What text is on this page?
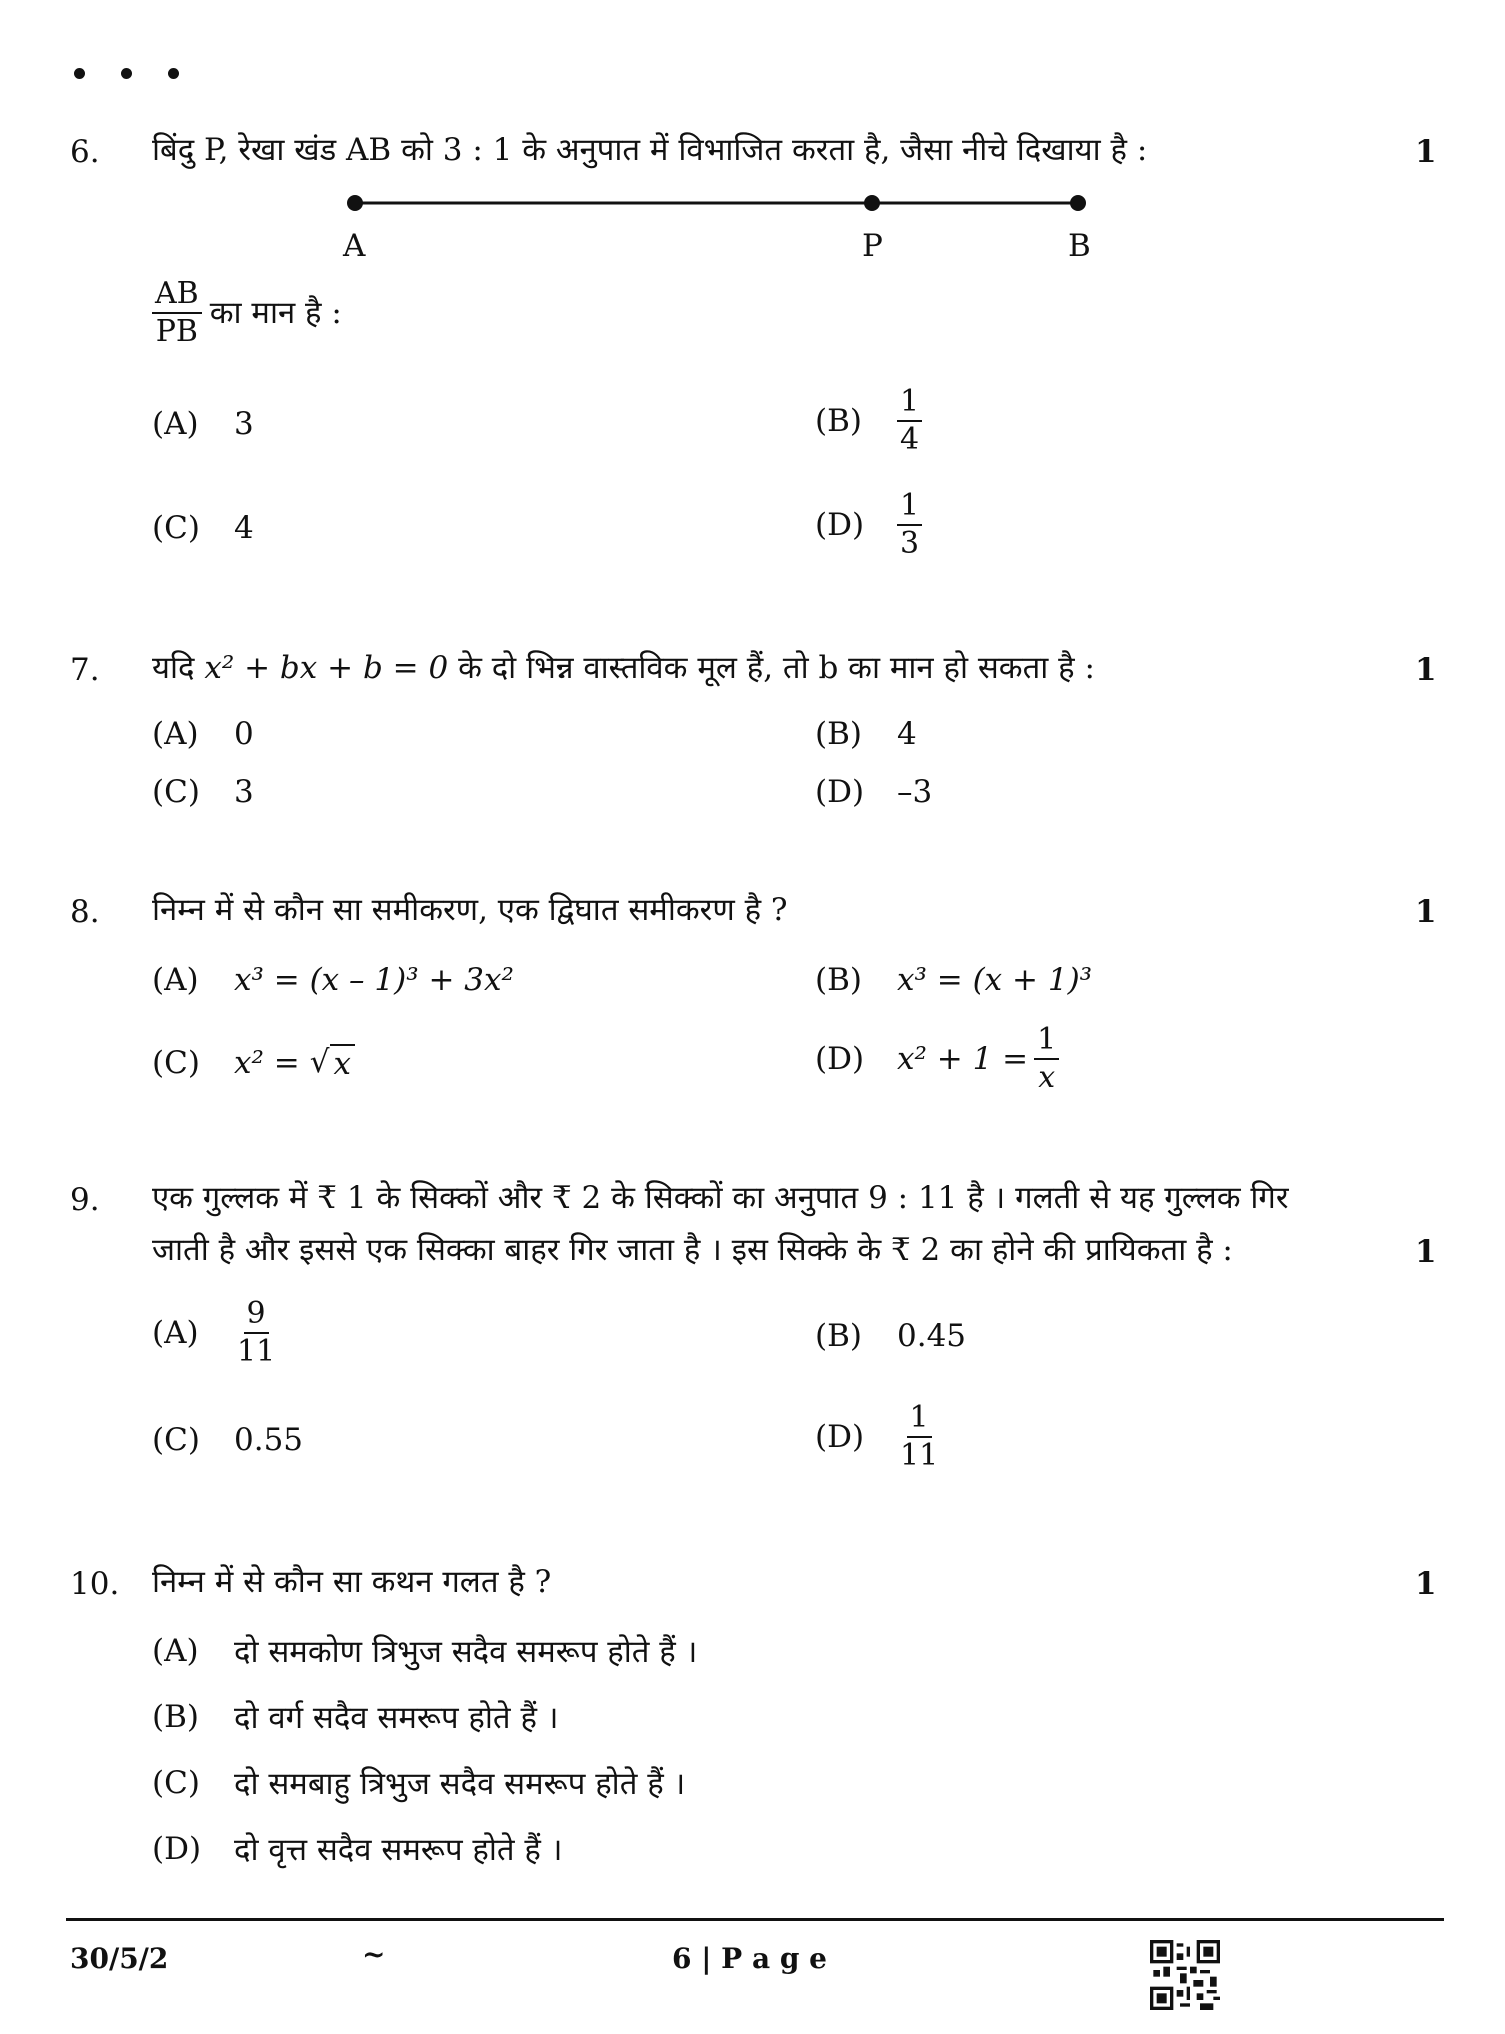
6. बिंदु P, रेखा खंड AB को 3 : 1 के अनुपात में विभाजित करता है, जैसा नीचे दिखाया है :	1
A	P	B
$\frac{AB}{PB}$ का मान है :
(A)	3	(B)	$\frac{1}{4}$
(C)	4	(D)	$\frac{1}{3}$
7. यदि x² + bx + b = 0 के दो भिन्न वास्तविक मूल हैं, तो b का मान हो सकता है :	1
(A)	0	(B)	4
(C)	3	(D)	–3
8. निम्न में से कौन सा समीकरण, एक द्विघात समीकरण है ?	1
(A)	x³ = (x – 1)³ + 3x²	(B)	x³ = (x + 1)³
(C)	x² = √ x	(D)	$x^2 + 1 = \frac{1}{x}$
9. एक गुल्लक में ₹ 1 के सिक्कों और ₹ 2 के सिक्कों का अनुपात 9 : 11 है । गलती से यह गुल्लक गिर
जाती है और इससे एक सिक्का बाहर गिर जाता है । इस सिक्के के ₹ 2 का होने की प्रायिकता है :	1
(A)	$\frac{9}{11}$	(B)	0.45
(C)	0.55	(D)	$\frac{1}{11}$
10. निम्न में से कौन सा कथन गलत है ?	1
(A)	दो समकोण त्रिभुज सदैव समरूप होते हैं ।
(B)	दो वर्ग सदैव समरूप होते हैं ।
(C)	दो समबाहु त्रिभुज सदैव समरूप होते हैं ।
(D)	दो वृत्त सदैव समरूप होते हैं ।
30/5/2	~	6 | P a g e
